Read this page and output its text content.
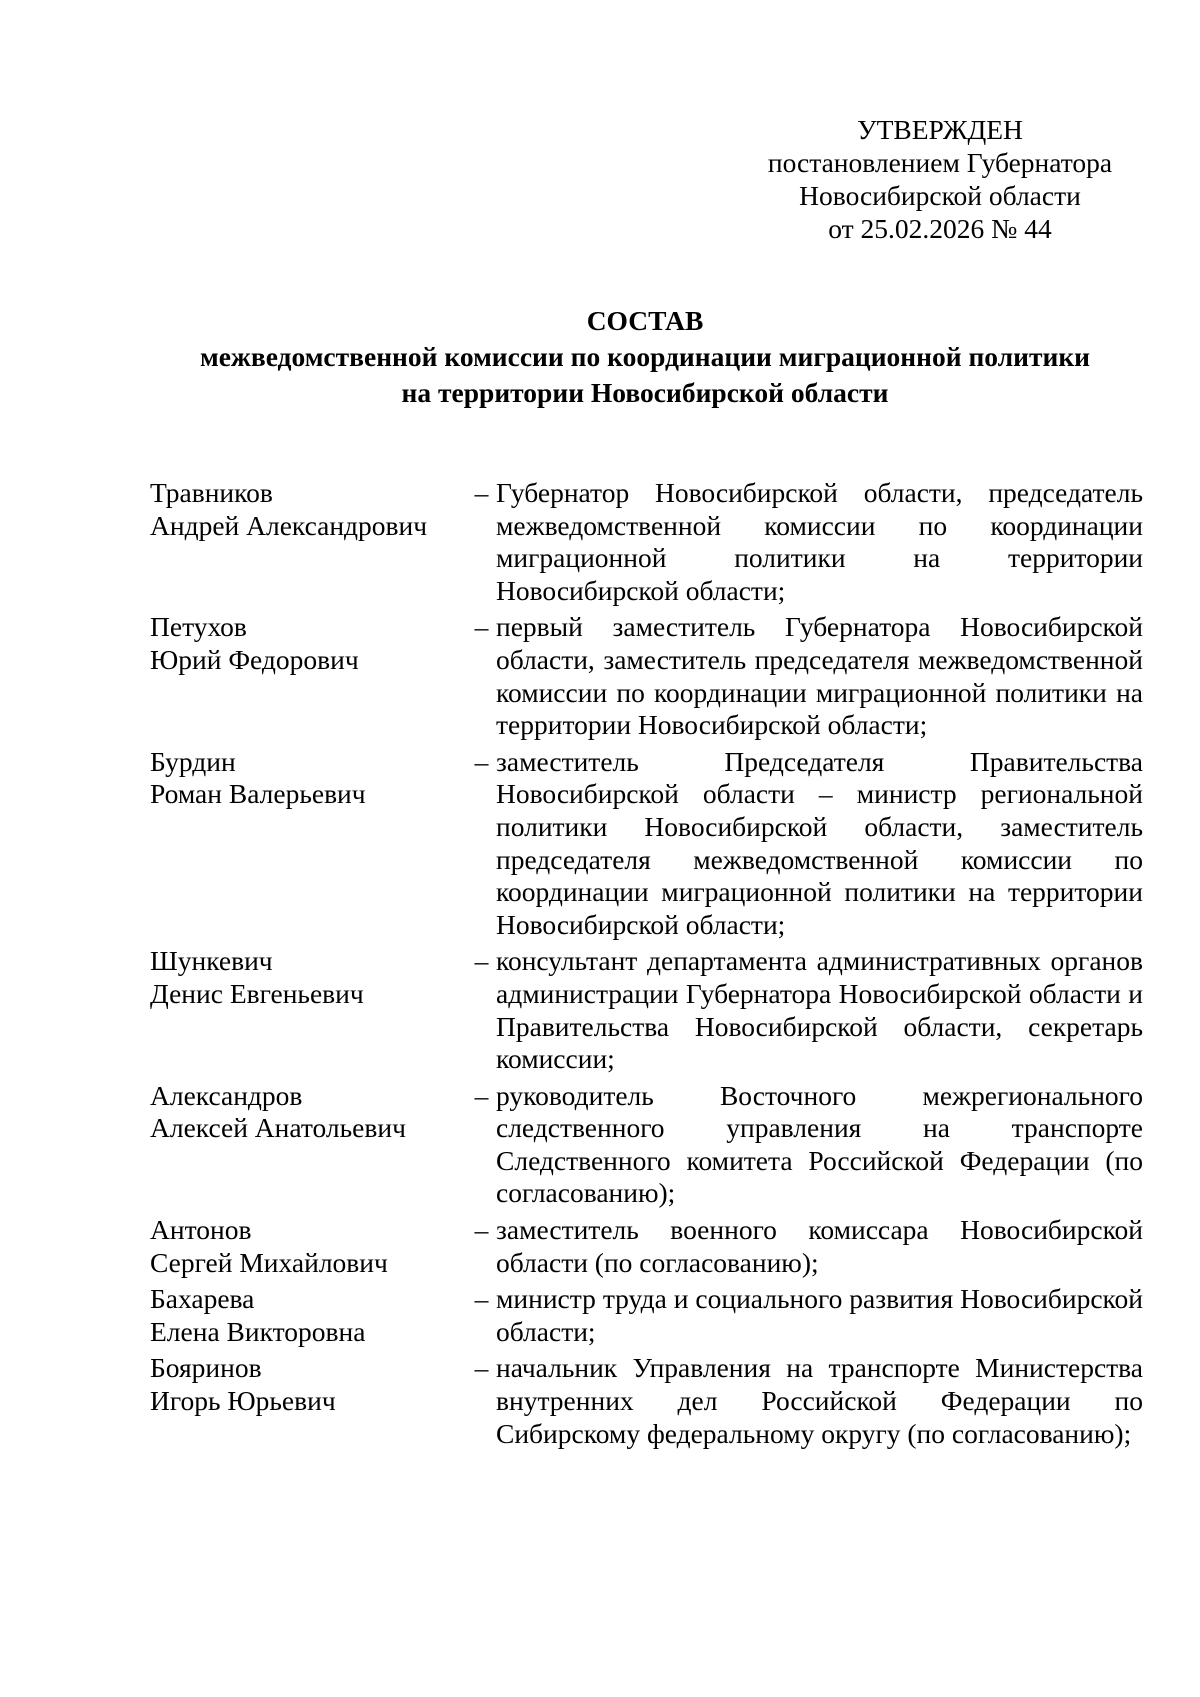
УТВЕРЖДЕН
постановлением Губернатора
Новосибирской области
от 25.02.2026 № 44
СОСТАВ
межведомственной комиссии по координации миграционной политики
на территории Новосибирской области
Травников
Андрей Александрович
– Губернатор Новосибирской области, председатель межведомственной комиссии по координации миграционной политики на территории Новосибирской области;
Петухов
Юрий Федорович
– первый заместитель Губернатора Новосибирской области, заместитель председателя межведомственной комиссии по координации миграционной политики на территории Новосибирской области;
Бурдин
Роман Валерьевич
– заместитель Председателя Правительства Новосибирской области – министр региональной политики Новосибирской области, заместитель председателя межведомственной комиссии по координации миграционной политики на территории Новосибирской области;
Шункевич
Денис Евгеньевич
– консультант департамента административных органов администрации Губернатора Новосибирской области и Правительства Новосибирской области, секретарь комиссии;
Александров
Алексей Анатольевич
– руководитель Восточного межрегионального следственного управления на транспорте Следственного комитета Российской Федерации (по согласованию);
Антонов
Сергей Михайлович
– заместитель военного комиссара Новосибирской области (по согласованию);
Бахарева
Елена Викторовна
– министр труда и социального развития Новосибирской области;
Бояринов
Игорь Юрьевич
– начальник Управления на транспорте Министерства внутренних дел Российской Федерации по Сибирскому федеральному округу (по согласованию);
